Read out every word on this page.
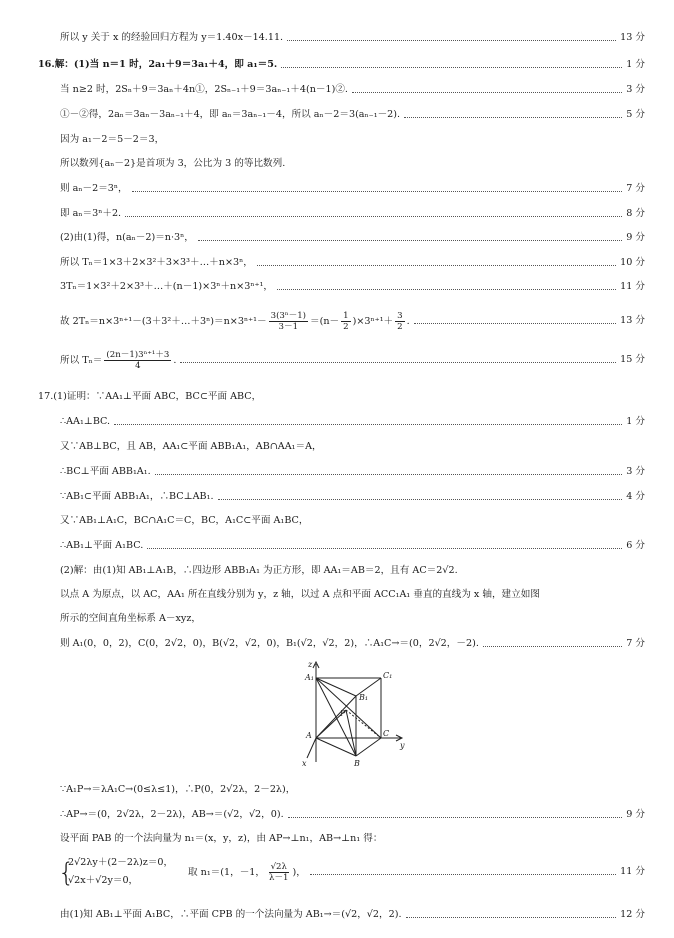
所以 y 关于 x 的经验回归方程为 y＝1.40x－14.11.	13 分
16.解：(1)当 n＝1 时，2a₁＋9＝3a₁＋4，即 a₁＝5.	1 分
当 n≥2 时，2Sₙ＋9＝3aₙ＋4n①，2Sₙ₋₁＋9＝3aₙ₋₁＋4(n－1)②.	3 分
①－②得，2aₙ＝3aₙ－3aₙ₋₁＋4，即 aₙ＝3aₙ₋₁－4，所以 aₙ－2＝3(aₙ₋₁－2).	5 分
因为 a₁－2＝5－2＝3，
所以数列{aₙ－2}是首项为 3，公比为 3 的等比数列.
则 aₙ－2＝3ⁿ，	7 分
即 aₙ＝3ⁿ＋2.	8 分
(2)由(1)得，n(aₙ－2)＝n·3ⁿ，	9 分
所以 Tₙ＝1×3＋2×3²＋3×3³＋…＋n×3ⁿ，	10 分
3Tₙ＝1×3²＋2×3³＋…＋(n－1)×3ⁿ＋n×3ⁿ⁺¹，	11 分
故 2Tₙ＝n×3ⁿ⁺¹－(3＋3²＋…＋3ⁿ)＝n×3ⁿ⁺¹－ $\frac{\text{3(3ⁿ－1)}}{3-1} =(n- \frac{1}{2} )\times 3^{n+1}+ \frac{3}{2}$ .	13 分
所以 $T_n= \frac{\text{(2n－1)3ⁿ⁺¹＋3}}{4}$ .	15 分
17.(1)证明：∵AA₁⊥平面 ABC，BC⊂平面 ABC，
∴AA₁⊥BC.	1 分
又∵AB⊥BC，且 AB，AA₁⊂平面 ABB₁A₁，AB∩AA₁＝A，
∴BC⊥平面 ABB₁A₁.	3 分
∵AB₁⊂平面 ABB₁A₁，∴BC⊥AB₁.	4 分
又∵AB₁⊥A₁C，BC∩A₁C＝C，BC，A₁C⊂平面 A₁BC，
∴AB₁⊥平面 A₁BC.	6 分
(2)解：由(1)知 AB₁⊥A₁B，∴四边形 ABB₁A₁ 为正方形，即 AA₁＝AB＝2，且有 AC＝2√2.
以点 A 为原点，以 AC，AA₁ 所在直线分别为 y，z 轴，以过 A 点和平面 ACC₁A₁ 垂直的直线为 x 轴，建立如图
所示的空间直角坐标系 A－xyz，
则 A₁(0，0，2)，C(0，2√2，0)，B(√2，√2，0)，B₁(√2，√2，2)，∴A₁C→＝(0，2√2，－2).	7 分
z
A₁	C₁
B₁
P
A	C
y
B
x
∵A₁P→＝λA₁C→(0≤λ≤1)，∴P(0，2√2λ，2－2λ)，
∴AP→＝(0，2√2λ，2－2λ)，AB→＝(√2，√2，0).	9 分
设平面 PAB 的一个法向量为 n₁＝(x，y，z)，由 AP→⊥n₁，AB→⊥n₁ 得：
{
2√2λy＋(2－2λ)z＝0，
√2x＋√2y＝0，
取 n₁＝(1，－1， $\frac{√2\lambda}{\lambda-1}$ )，	11 分
由(1)知 AB₁⊥平面 A₁BC，∴平面 CPB 的一个法向量为 AB₁→＝(√2，√2，2).	12 分
